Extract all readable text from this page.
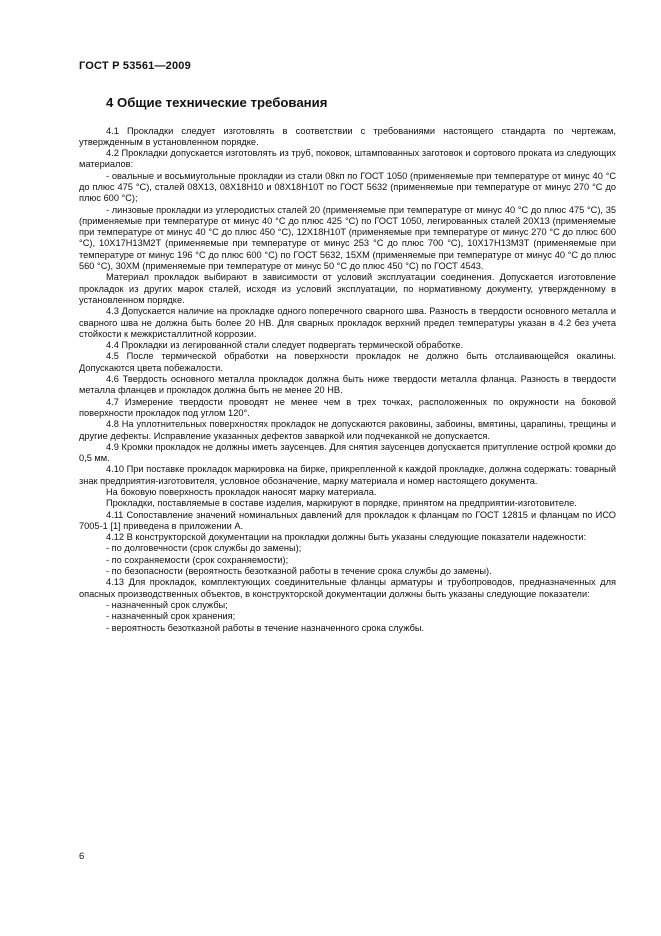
ГОСТ Р 53561—2009
4 Общие технические требования

4.1 Прокладки следует изготовлять в соответствии с требованиями настоящего стандарта по чертежам, утвержденным в установленном порядке.

4.2 Прокладки допускается изготовлять из труб, поковок, штампованных заготовок и сортового проката из следующих материалов:

- овальные и восьмиугольные прокладки из стали 08кп по ГОСТ 1050 (применяемые при температуре от минус 40 °С до плюс 475 °С), сталей 08Х13, 08Х18Н10 и 08Х18Н10Т по ГОСТ 5632 (применяемые при температуре от минус 270 °С до плюс 600 °С);

- линзовые прокладки из углеродистых сталей 20 (применяемые при температуре от минус 40 °С до плюс 475 °С), 35 (применяемые при температуре от минус 40 °С до плюс 425 °С) по ГОСТ 1050, легированных сталей 20Х13 (применяемые при температуре от минус 40 °С до плюс 450 °С), 12Х18Н10Т (применяемые при температуре от минус 270 °С до плюс 600 °С), 10Х17Н13М2Т (применяемые при температуре от минус 253 °С до плюс 700 °С), 10Х17Н13М3Т (применяемые при температуре от минус 196 °С до плюс 600 °С) по ГОСТ 5632, 15ХМ (применяемые при температуре от минус 40 °С до плюс 560 °С), 30ХМ (применяемые при температуре от минус 50 °С до плюс 450 °С) по ГОСТ 4543.

Материал прокладок выбирают в зависимости от условий эксплуатации соединения. Допускается изготовление прокладок из других марок сталей, исходя из условий эксплуатации, по нормативному документу, утвержденному в установленном порядке.

4.3 Допускается наличие на прокладке одного поперечного сварного шва. Разность в твердости основного металла и сварного шва не должна быть более 20 НВ. Для сварных прокладок верхний предел температуры указан в 4.2 без учета стойкости к межкристаллитной коррозии.

4.4 Прокладки из легированной стали следует подвергать термической обработке.

4.5 После термической обработки на поверхности прокладок не должно быть отслаивающейся окалины. Допускаются цвета побежалости.

4.6 Твердость основного металла прокладок должна быть ниже твердости металла фланца. Разность в твердости металла фланцев и прокладок должна быть не менее 20 НВ.

4.7 Измерение твердости проводят не менее чем в трех точках, расположенных по окружности на боковой поверхности прокладок под углом 120°.

4.8 На уплотнительных поверхностях прокладок не допускаются раковины, забоины, вмятины, царапины, трещины и другие дефекты. Исправление указанных дефектов заваркой или подчеканкой не допускается.

4.9 Кромки прокладок не должны иметь заусенцев. Для снятия заусенцев допускается притупление острой кромки до 0,5 мм.

4.10 При поставке прокладок маркировка на бирке, прикрепленной к каждой прокладке, должна содержать: товарный знак предприятия-изготовителя, условное обозначение, марку материала и номер настоящего документа.

На боковую поверхность прокладок наносят марку материала.

Прокладки, поставляемые в составе изделия, маркируют в порядке, принятом на предприятии-изготовителе.

4.11 Сопоставление значений номинальных давлений для прокладок к фланцам по ГОСТ 12815 и фланцам по ИСО 7005-1 [1] приведена в приложении А.

4.12 В конструкторской документации на прокладки должны быть указаны следующие показатели надежности:

- по долговечности (срок службы до замены);

- по сохраняемости (срок сохраняемости);

- по безопасности (вероятность безотказной работы в течение срока службы до замены).

4.13 Для прокладок, комплектующих соединительные фланцы арматуры и трубопроводов, предназначенных для опасных производственных объектов, в конструкторской документации должны быть указаны следующие показатели:

- назначенный срок службы;

- назначенный срок хранения;

- вероятность безотказной работы в течение назначенного срока службы.

6
